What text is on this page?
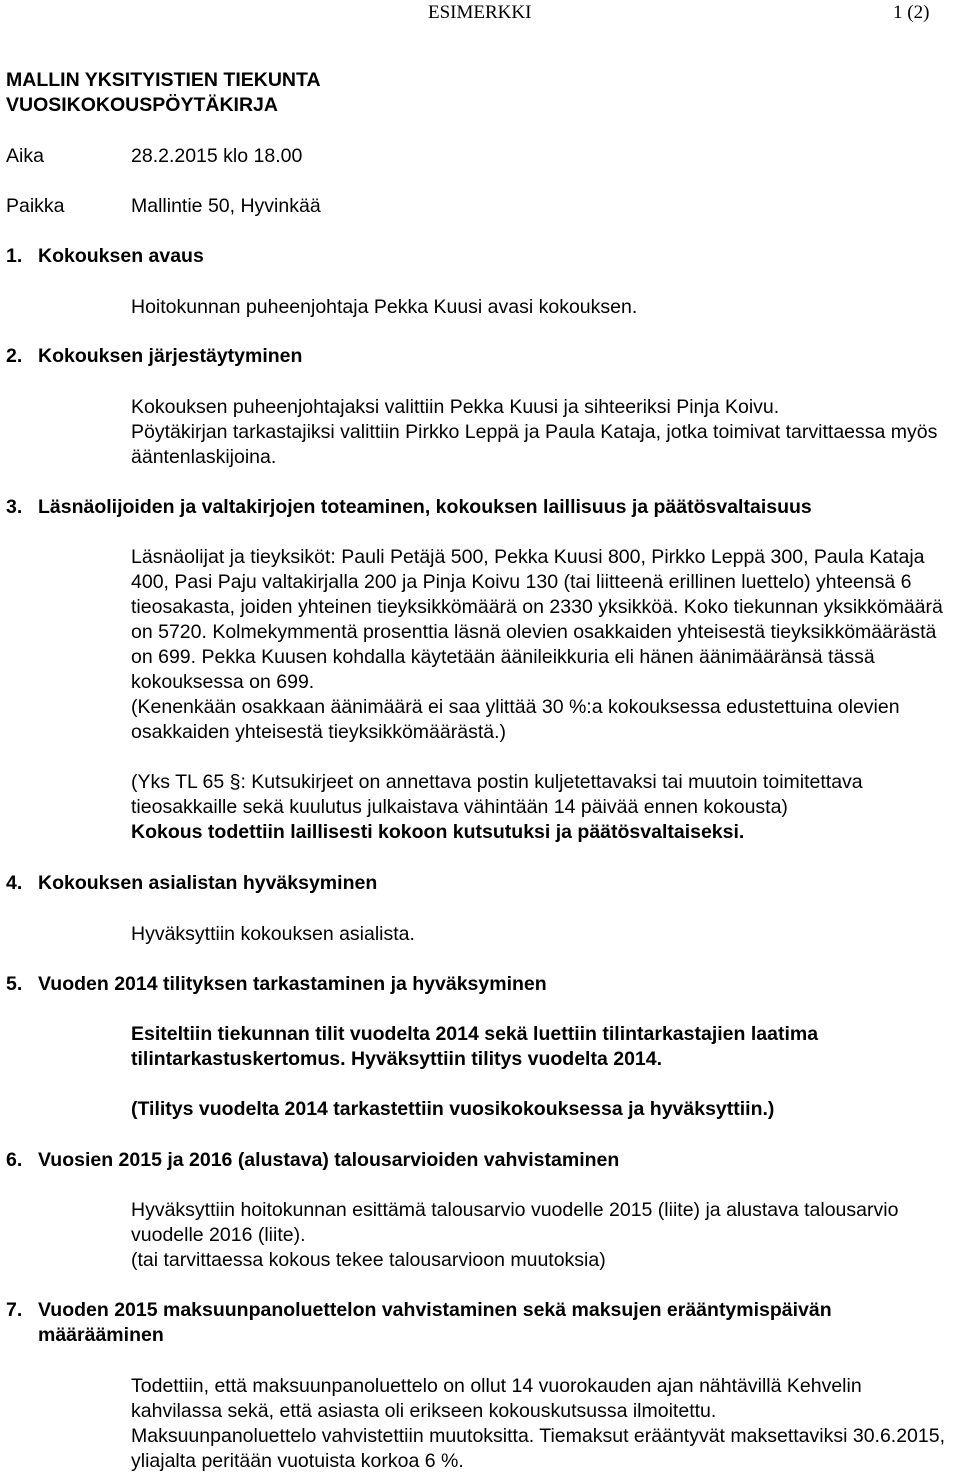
ESIMERKKI	1 (2)
MALLIN YKSITYISTIEN TIEKUNTA
VUOSIKOKOUSPÖYTÄKIRJA
Aika	28.2.2015 klo 18.00
Paikka	Mallintie 50, Hyvinkää
1. Kokouksen avaus

Hoitokunnan puheenjohtaja Pekka Kuusi avasi kokouksen.

2. Kokouksen järjestäytyminen

Kokouksen puheenjohtajaksi valittiin Pekka Kuusi ja sihteeriksi Pinja Koivu.

Pöytäkirjan tarkastajiksi valittiin Pirkko Leppä ja Paula Kataja, jotka toimivat tarvittaessa myös ääntenlaskijoina.

3. Läsnäolijoiden ja valtakirjojen toteaminen, kokouksen laillisuus ja päätösvaltaisuus

Läsnäolijat ja tieyksiköt: Pauli Petäjä 500, Pekka Kuusi 800, Pirkko Leppä 300, Paula Kataja 400, Pasi Paju valtakirjalla 200 ja Pinja Koivu 130 (tai liitteenä erillinen luettelo) yhteensä 6 tieosakasta, joiden yhteinen tieyksikkömäärä on 2330 yksikköä. Koko tiekunnan yksikkömäärä on 5720. Kolmekymmentä prosenttia läsnä olevien osakkaiden yhteisestä tieyksikkömäärästä on 699. Pekka Kuusen kohdalla käytetään äänileikkuria eli hänen äänimääränsä tässä kokouksessa on 699.

(Kenenkään osakkaan äänimäärä ei saa ylittää 30 %:a kokouksessa edustettuina olevien osakkaiden yhteisestä tieyksikkömäärästä.)

(Yks TL 65 §: Kutsukirjeet on annettava postin kuljetettavaksi tai muutoin toimitettava tieosakkaille sekä kuulutus julkaistava vähintään 14 päivää ennen kokousta)

Kokous todettiin laillisesti kokoon kutsutuksi ja päätösvaltaiseksi.

4. Kokouksen asialistan hyväksyminen

Hyväksyttiin kokouksen asialista.

5. Vuoden 2014 tilityksen tarkastaminen ja hyväksyminen

Esiteltiin tiekunnan tilit vuodelta 2014 sekä luettiin tilintarkastajien laatima tilintarkastuskertomus. Hyväksyttiin tilitys vuodelta 2014.

(Tilitys vuodelta 2014 tarkastettiin vuosikokouksessa ja hyväksyttiin.)

6. Vuosien 2015 ja 2016 (alustava) talousarvioiden vahvistaminen

Hyväksyttiin hoitokunnan esittämä talousarvio vuodelle 2015 (liite) ja alustava talousarvio vuodelle 2016 (liite).

(tai tarvittaessa kokous tekee talousarvioon muutoksia)

7. Vuoden 2015 maksuunpanoluettelon vahvistaminen sekä maksujen erääntymispäivän määrääminen

Todettiin, että maksuunpanoluettelo on ollut 14 vuorokauden ajan nähtävillä Kehvelin kahvilassa sekä, että asiasta oli erikseen kokouskutsussa ilmoitettu.

Maksuunpanoluettelo vahvistettiin muutoksitta. Tiemaksut erääntyvät maksettaviksi 30.6.2015, yliajalta peritään vuotuista korkoa 6 %.
